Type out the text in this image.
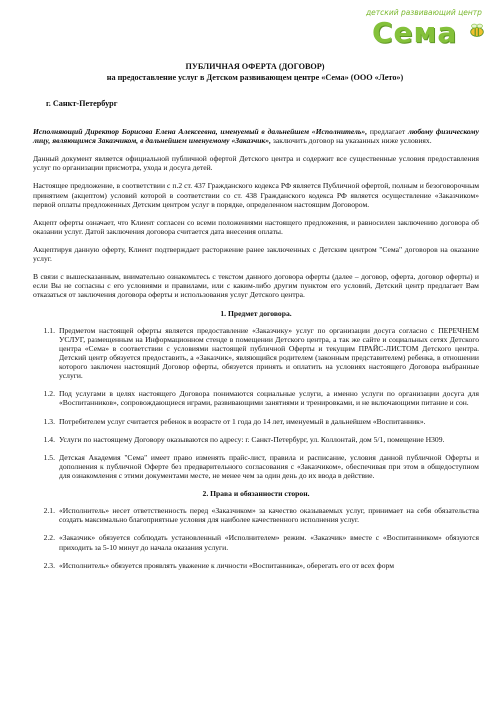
детский развивающий центр
Сема
ПУБЛИЧНАЯ ОФЕРТА (ДОГОВОР)
на предоставление услуг в Детском развивающем центре «Сема» (ООО «Лето»)
г. Санкт-Петербург

Исполняющий Директор Борисова Елена Алексеевна, именуемый в дальнейшем «Исполнитель», предлагает любому физическому лицу, являющимся Заказчиком, в дальнейшем именуемому «Заказчик», заключить договор на указанных ниже условиях.

Данный документ является официальной публичной офертой Детского центра и содержит все существенные условия предоставления услуг по организации присмотра, ухода и досуга детей.

Настоящее предложение, в соответствии с п.2 ст. 437 Гражданского кодекса РФ является Публичной офертой, полным и безоговорочным принятием (акцептом) условий которой в соответствии со ст. 438 Гражданского кодекса РФ является осуществление «Заказчиком» первой оплаты предложенных Детским центром услуг в порядке, определенном настоящим Договором.

Акцепт оферты означает, что Клиент согласен со всеми положениями настоящего предложения, и равносилен заключению договора об оказании услуг. Датой заключения договора считается дата внесения оплаты.

Акцептируя данную оферту, Клиент подтверждает расторжение ранее заключенных с Детским центром "Сема" договоров на оказание услуг.

В связи с вышесказанным, внимательно ознакомьтесь с текстом данного договора оферты (далее – договор, оферта, договор оферты) и если Вы не согласны с его условиями и правилами, или с каким-либо другим пунктом его условий, Детский центр предлагает Вам отказаться от заключения договора оферты и использования услуг Детского центра.

1. Предмет договора.
1.1. Предметом настоящей оферты является предоставление «Заказчику» услуг по организации досуга согласно с ПЕРЕЧНЕМ УСЛУГ, размещенным на Информационном стенде в помещении Детского центра, а так же сайте и социальных сетях Детского центра «Сема» в соответствии с условиями настоящей публичной Оферты и текущим ПРАЙС-ЛИСТОМ Детского центра. Детский центр обязуется предоставить, а «Заказчик», являющийся родителем (законным представителем) ребенка, в отношении которого заключен настоящий Договор оферты, обязуется принять и оплатить на условиях настоящего Договора выбранные услуги.
1.2. Под услугами в целях настоящего Договора понимаются социальные услуги, а именно услуги по организации досуга для «Воспитанников», сопровождающиеся играми, развивающими занятиями и тренировками, и не включающими питание и сон.
1.3. Потребителем услуг считается ребенок в возрасте от 1 года до 14 лет, именуемый в дальнейшем «Воспитанник».
1.4. Услуги по настоящему Договору оказываются по адресу: г. Санкт-Петербург, ул. Коллонтай, дом 5/1, помещение Н309.
1.5. Детская Академия "Сема" имеет право изменять прайс-лист, правила и расписание, условия данной публичной Оферты и дополнения к публичной Оферте без предварительного согласования с «Заказчиком», обеспечивая при этом в общедоступном для ознакомления с этими документами месте, не менее чем за один день до их ввода в действие.
2. Права и обязанности сторон.
2.1. «Исполнитель» несет ответственность перед «Заказчиком» за качество оказываемых услуг, принимает на себя обязательства создать максимально благоприятные условия для наиболее качественного исполнения услуг.
2.2. «Заказчик» обязуется соблюдать установленный «Исполнителем» режим. «Заказчик» вместе с «Воспитанником» обязуются приходить за 5-10 минут до начала оказания услуги.
2.3. «Исполнитель» обязуется проявлять уважение к личности «Воспитанника», оберегать его от всех форм
